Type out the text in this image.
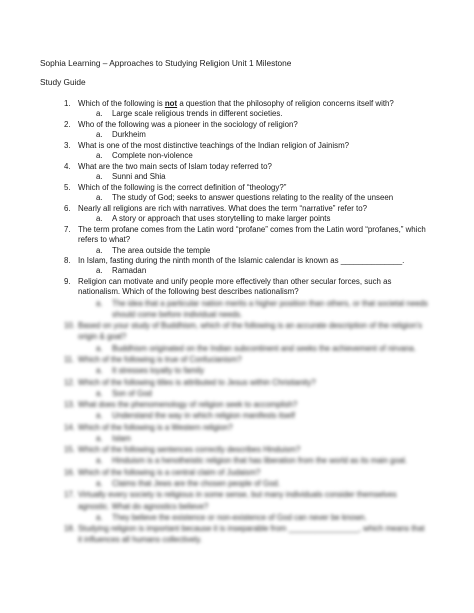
Sophia Learning – Approaches to Studying Religion Unit 1 Milestone
Study Guide
1. Which of the following is not a question that the philosophy of religion concerns itself with?
a. Large scale religious trends in different societies.
2. Who of the following was a pioneer in the sociology of religion?
a. Durkheim
3. What is one of the most distinctive teachings of the Indian religion of Jainism?
a. Complete non-violence
4. What are the two main sects of Islam today referred to?
a. Sunni and Shia
5. Which of the following is the correct definition of “theology?”
a. The study of God; seeks to answer questions relating to the reality of the unseen
6. Nearly all religions are rich with narratives. What does the term “narrative” refer to?
a. A story or approach that uses storytelling to make larger points
7. The term profane comes from the Latin word “profane” comes from the Latin word “profanes,” which refers to what?
a. The area outside the temple
8. In Islam, fasting during the ninth month of the Islamic calendar is known as ______________.
a. Ramadan
9. Religion can motivate and unify people more effectively than other secular forces, such as nationalism. Which of the following best describes nationalism?
a. The idea that a particular nation merits a higher position than others, or that societal needs should come before individual needs.
10. Based on your study of Buddhism, which of the following is an accurate description of the religion's origin & goal?
a. Buddhism originated on the Indian subcontinent and seeks the achievement of nirvana.
11. Which of the following is true of Confucianism?
a. It stresses loyalty to family
12. Which of the following titles is attributed to Jesus within Christianity?
a. Son of God
13. What does the phenomenology of religion seek to accomplish?
a. Understand the way in which religion manifests itself
14. Which of the following is a Western religion?
a. Islam
15. Which of the following sentences correctly describes Hinduism?
a. Hinduism is a henotheistic religion that has liberation from the world as its main goal.
16. Which of the following is a central claim of Judaism?
a. Claims that Jews are the chosen people of God.
17. Virtually every society is religious in some sense, but many individuals consider themselves agnostic. What do agnostics believe?
a. They believe the existence or non-existence of God can never be known.
18. Studying religion is important because it is inseparable from ________________, which means that it influences all humans collectively.
